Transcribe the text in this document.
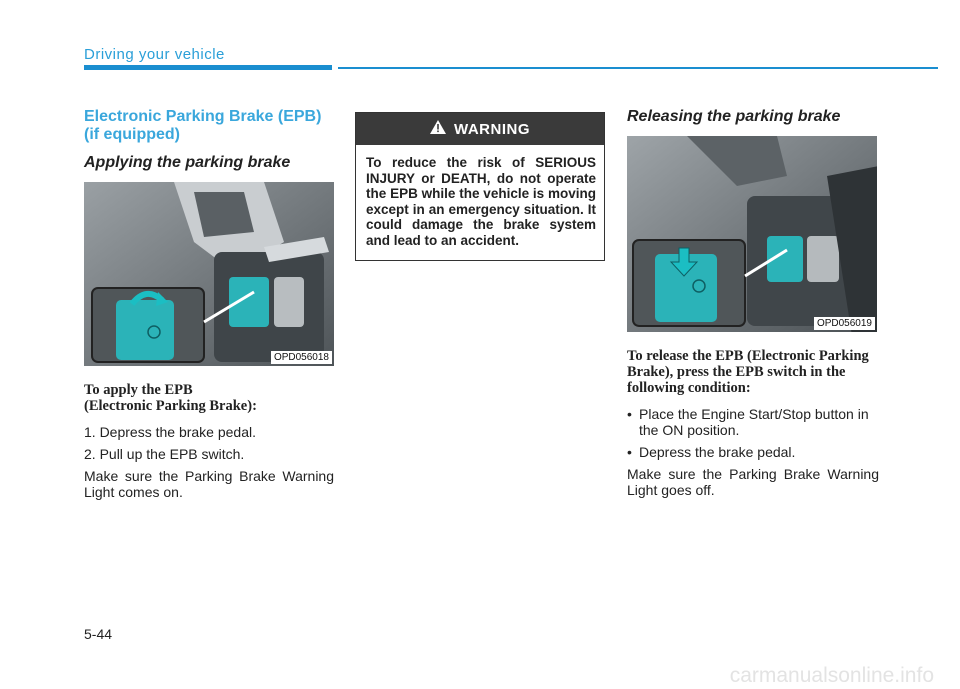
Driving your vehicle
Electronic Parking Brake (EPB)
(if equipped)
Applying the parking brake
OPD056018
To apply the EPB
(Electronic Parking Brake):

1. Depress the brake pedal.

2. Pull up the EPB switch.

Make sure the Parking Brake Warning Light comes on.

WARNING
To reduce the risk of SERIOUS INJURY or DEATH, do not operate the EPB while the vehicle is moving except in an emergency situation. It could damage the brake system and lead to an accident.
Releasing the parking brake
OPD056019
To release the EPB (Electronic Parking Brake), press the EPB switch in the following condition:
• Place the Engine Start/Stop button in the ON position.
• Depress the brake pedal.

Make sure the Parking Brake Warning Light goes off.

5-44
carmanualsonline.info
